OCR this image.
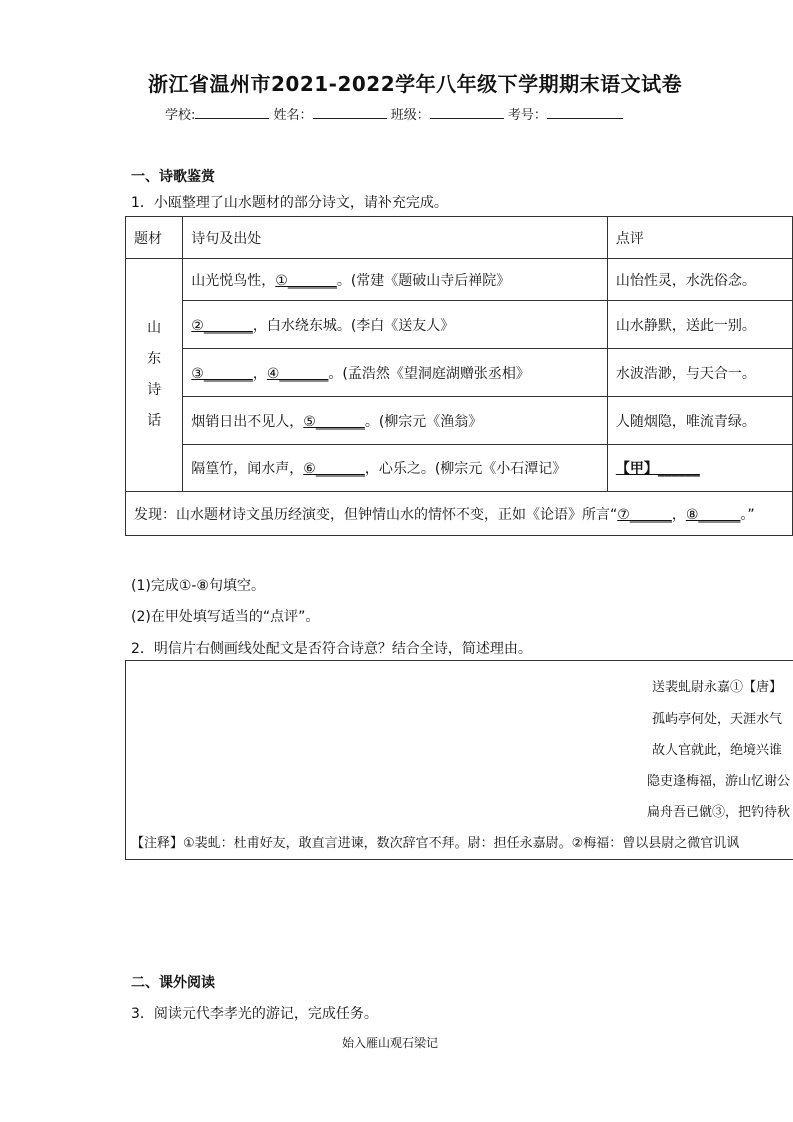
浙江省温州市2021-2022学年八年级下学期期末语文试卷
学校:	姓名：	班级：	考号：
一、诗歌鉴赏
1．小瓯整理了山水题材的部分诗文，请补充完成。
题材	诗句及出处	点评

山
东
诗
话	山光悦鸟性，①_______。(常建《题破山寺后禅院》	山怡性灵，水洗俗念。
	②_______，白水绕东城。(李白《送友人》	山水静默，送此一别。
	③_______，④_______。(孟浩然《望洞庭湖赠张丞相》	水波浩渺，与天合一。
	烟销日出不见人，⑤_______。(柳宗元《渔翁》	人随烟隐，唯流青绿。
	隔篁竹，闻水声，⑥_______，心乐之。(柳宗元《小石潭记》	【甲】______
发现：山水题材诗文虽历经演变，但钟情山水的情怀不变，正如《论语》所言“⑦______，⑧______。”		
(1)完成①-⑧句填空。
(2)在甲处填写适当的“点评”。
2．明信片右侧画线处配文是否符合诗意？结合全诗，简述理由。
送裴虬尉永嘉①【唐】
孤屿亭何处，天涯水气
故人官就此，绝境兴谁
隐吏逢梅福，游山忆谢公
扁舟吾已僦③，把钓待秋
【注释】①裴虬：杜甫好友，敢直言进谏，数次辞官不拜。尉：担任永嘉尉。②梅福：曾以县尉之微官讥讽
二、课外阅读
3．阅读元代李孝光的游记，完成任务。
始入雁山观石梁记
